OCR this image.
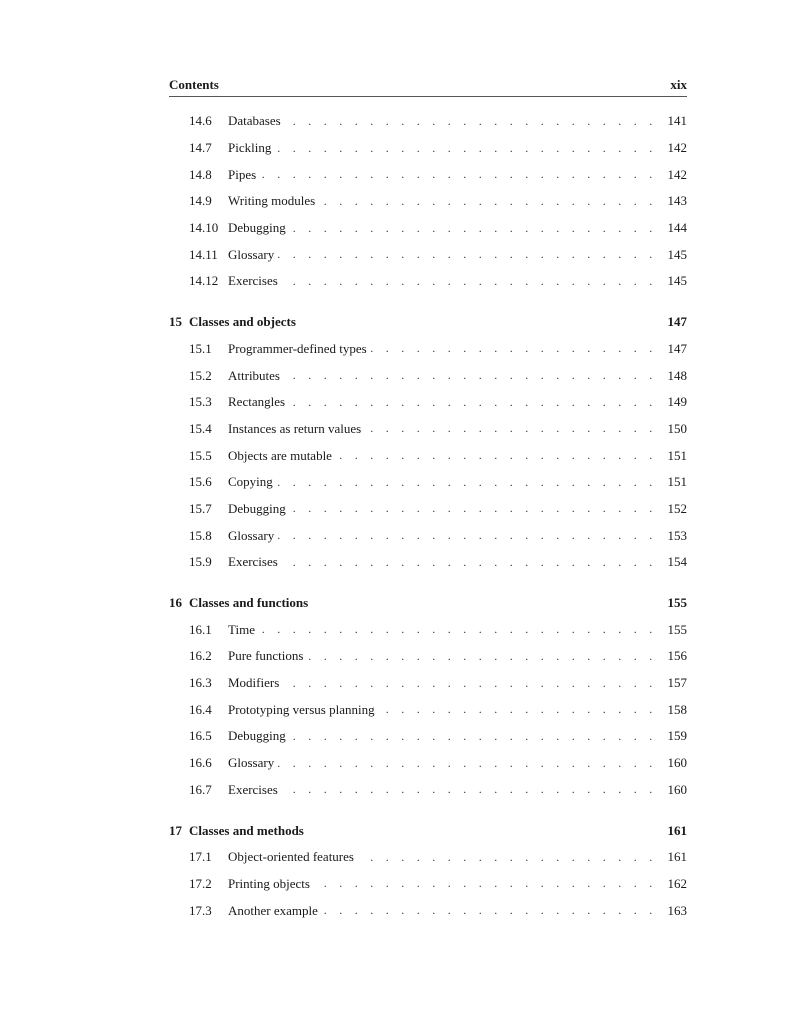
Contents	xix
14.6	Databases . . .	141
14.7	Pickling . . .	142
14.8	Pipes . . .	142
14.9	Writing modules . . .	143
14.10 Debugging . . .	144
14.11 Glossary . . .	145
14.12 Exercises . . .	145
15 Classes and objects	147
15.1	Programmer-defined types . . .	147
15.2	Attributes . . .	148
15.3	Rectangles . . .	149
15.4	Instances as return values . . .	150
15.5	Objects are mutable . . .	151
15.6	Copying . . .	151
15.7	Debugging . . .	152
15.8	Glossary . . .	153
15.9	Exercises . . .	154
16 Classes and functions	155
16.1	Time . . .	155
16.2	Pure functions . . .	156
16.3	Modifiers . . .	157
16.4	Prototyping versus planning . . .	158
16.5	Debugging . . .	159
16.6	Glossary . . .	160
16.7	Exercises . . .	160
17 Classes and methods	161
17.1	Object-oriented features . . .	161
17.2	Printing objects . . .	162
17.3	Another example . . .	163
